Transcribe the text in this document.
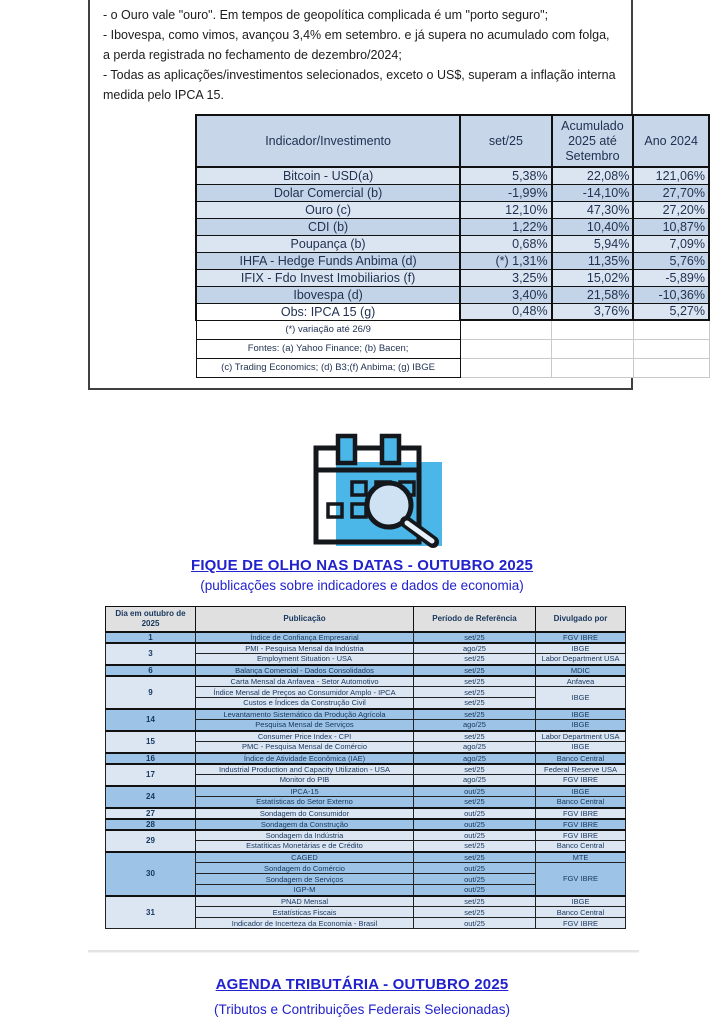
- o Ouro vale "ouro". Em tempos de geopolítica complicada é um "porto seguro";

- Ibovespa, como vimos, avançou 3,4% em setembro. e já supera no acumulado com folga, a perda registrada no fechamento de dezembro/2024;

- Todas as aplicações/investimentos selecionados, exceto o US$, superam a inflação interna medida pelo IPCA 15.

Indicador/Investimento	set/25	Acumulado 2025 até Setembro	Ano 2024
Bitcoin - USD(a)	5,38%	22,08%	121,06%
Dolar Comercial (b)	-1,99%	-14,10%	27,70%
Ouro (c)	12,10%	47,30%	27,20%
CDI (b)	1,22%	10,40%	10,87%
Poupança (b)	0,68%	5,94%	7,09%
IHFA - Hedge Funds Anbima (d)	(*) 1,31%	11,35%	5,76%
IFIX - Fdo Invest Imobiliarios (f)	3,25%	15,02%	-5,89%
Ibovespa (d)	3,40%	21,58%	-10,36%
Obs: IPCA 15 (g)	0,48%	3,76%	5,27%
(*) variação até 26/9			
Fontes: (a) Yahoo Finance; (b) Bacen;			
(c) Trading Economics; (d) B3;(f) Anbima; (g) IBGE			
FIQUE DE OLHO NAS DATAS - OUTUBRO 2025
(publicações sobre indicadores e dados de economia)
Dia em outubro de 2025	Publicação	Período de Referência	Divulgado por
1	Índice de Confiança Empresarial	set/25	FGV IBRE
3	PMI - Pesquisa Mensal da Indústria	ago/25	IBGE
	Employment Situation - USA	set/25	Labor Department USA
6	Balança Comercial - Dados Consolidados	set/25	MDIC
9	Carta Mensal da Anfavea - Setor Automotivo	set/25	Anfavea
	Índice Mensal de Preços ao Consumidor Amplo - IPCA	set/25	IBGE
	Custos e Índices da Construção Civil	set/25	
14	Levantamento Sistemático da Produção Agrícola	set/25	IBGE
	Pesquisa Mensal de Serviços	ago/25	IBGE
15	Consumer Price Index - CPI	set/25	Labor Department USA
	PMC - Pesquisa Mensal de Comércio	ago/25	IBGE
16	Índice de Atividade Econômica (IAE)	ago/25	Banco Central
17	Industrial Production and Capacity Utilization - USA	set/25	Federal Reserve USA
	Monitor do PIB	ago/25	FGV IBRE
24	IPCA-15	out/25	IBGE
	Estatísticas do Setor Externo	set/25	Banco Central
27	Sondagem do Consumidor	out/25	FGV IBRE
28	Sondagem da Construção	out/25	FGV IBRE
29	Sondagem da Indústria	out/25	FGV IBRE
	Estatíticas Monetárias e de Crédito	set/25	Banco Central
30	CAGED	set/25	MTE
	Sondagem do Comércio	out/25	FGV IBRE
	Sondagem de Serviços	out/25	
	IGP-M	out/25	
31	PNAD Mensal	set/25	IBGE
	Estatísticas Fiscais	set/25	Banco Central
	Indicador de Incerteza da Economia - Brasil	out/25	FGV IBRE
AGENDA TRIBUTÁRIA - OUTUBRO 2025
(Tributos e Contribuições Federais Selecionadas)
